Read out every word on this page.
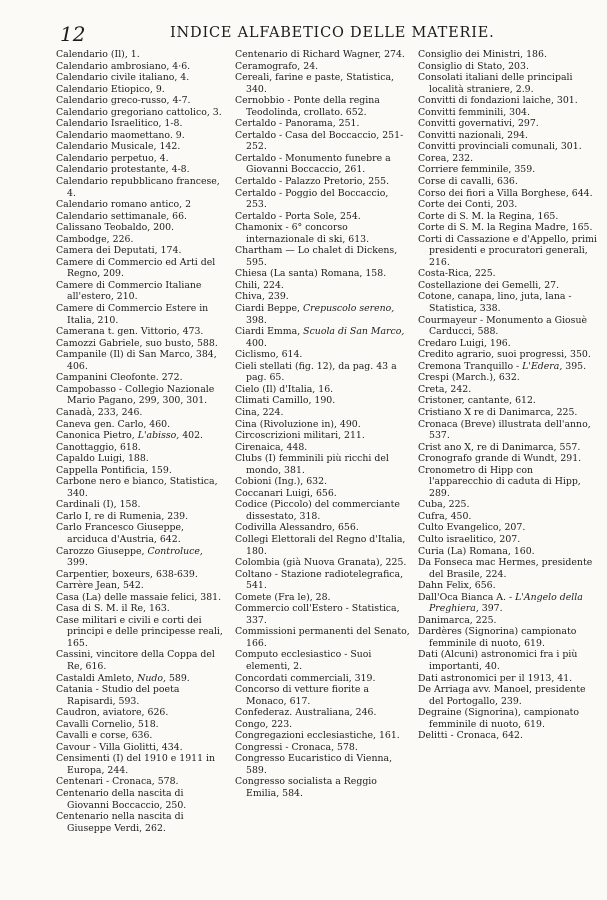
12	INDICE ALFABETICO DELLE MATERIE.
Calendario (Il), 1.
Calendario ambrosiano, 4·6.
Calendario civile italiano, 4.
Calendario Etiopico, 9.
Calendario greco-russo, 4-7.
Calendario gregoriano cattolico, 3.
Calendario Israelitico, 1-8.
Calendario maomettano. 9.
Calendario Musicale, 142.
Calendario perpetuo, 4.
Calendario protestante, 4-8.
Calendario repubblicano francese, 4.
Calendario romano antico, 2
Calendario settimanale, 66.
Calissano Teobaldo, 200.
Cambodge, 226.
Camera dei Deputati, 174.
Camere di Commercio ed Arti del Regno, 209.
Camere di Commercio Italiane all'estero, 210.
Camere di Commercio Estere in Italia, 210.
Camerana t. gen. Vittorio, 473.
Camozzi Gabriele, suo busto, 588.
Campanile (Il) di San Marco, 384, 406.
Campanini Cleofonte. 272.
Campobasso - Collegio Nazionale Mario Pagano, 299, 300, 301.
Canadà, 233, 246.
Caneva gen. Carlo, 460.
Canonica Pietro, L'abisso, 402.
Canottaggio, 618.
Capaldo Luigi, 188.
Cappella Pontificia, 159.
Carbone nero e bianco, Statistica, 340.
Cardinali (I), 158.
Carlo I, re di Rumenia, 239.
Carlo Francesco Giuseppe, arciduca d'Austria, 642.
Carozzo Giuseppe, Controluce, 399.
Carpentier, boxeurs, 638-639.
Carrère Jean, 542.
Casa (La) delle massaie felici, 381.
Casa di S. M. il Re, 163.
Case militari e civili e corti dei principi e delle principesse reali, 165.
Cassini, vincitore della Coppa del Re, 616.
Castaldi Amleto, Nudo, 589.
Catania - Studio del poeta Rapisardi, 593.
Caudron, aviatore, 626.
Cavalli Cornelio, 518.
Cavalli e corse, 636.
Cavour - Villa Giolitti, 434.
Censimenti (I) del 1910 e 1911 in Europa, 244.
Centenari - Cronaca, 578.
Centenario della nascita di Giovanni Boccaccio, 250.
Centenario nella nascita di Giuseppe Verdi, 262.
Centenario di Richard Wagner, 274.
Ceramografo, 24.
Cereali, farine e paste, Statistica, 340.
Cernobbio - Ponte della regina Teodolinda, crollato. 652.
Certaldo - Panorama, 251.
Certaldo - Casa del Boccaccio, 251-252.
Certaldo - Monumento funebre a Giovanni Boccaccio, 261.
Certaldo - Palazzo Pretorio, 255.
Certaldo - Poggio del Boccaccio, 253.
Certaldo - Porta Sole, 254.
Chamonix - 6° concorso internazionale di ski, 613.
Chartham — Lo chalet di Dickens, 595.
Chiesa (La santa) Romana, 158.
Chili, 224.
Chiva, 239.
Ciardi Beppe, Crepuscolo sereno, 398.
Ciardi Emma, Scuola di San Marco, 400.
Ciclismo, 614.
Cieli stellati (fig. 12), da pag. 43 a pag. 65.
Cielo (Il) d'Italia, 16.
Climati Camillo, 190.
Cina, 224.
Cina (Rivoluzione in), 490.
Circoscrizioni militari, 211.
Cirenaica, 448.
Clubs (I) femminili più ricchi del mondo, 381.
Cobioni (Ing.), 632.
Coccanari Luigi, 656.
Codice (Piccolo) del commerciante dissestato, 318.
Codivilla Alessandro, 656.
Collegi Elettorali del Regno d'Italia, 180.
Colombia (già Nuova Granata), 225.
Coltano - Stazione radiotelegrafica, 541.
Comete (Fra le), 28.
Commercio coll'Estero - Statistica, 337.
Commissioni permanenti del Senato, 166.
Computo ecclesiastico - Suoi elementi, 2.
Concordati commerciali, 319.
Concorso di vetture fiorite a Monaco, 617.
Confederaz. Australiana, 246.
Congo, 223.
Congregazioni ecclesiastiche, 161.
Congressi - Cronaca, 578.
Congresso Eucaristico di Vienna, 589.
Congresso socialista a Reggio Emilia, 584.
Consiglio dei Ministri, 186.
Consiglio di Stato, 203.
Consolati italiani delle principali località straniere, 2.9.
Convitti di fondazioni laiche, 301.
Convitti femminili, 304.
Convitti governativi, 297.
Convitti nazionali, 294.
Convitti provinciali comunali, 301.
Corea, 232.
Corriere femminile, 359.
Corse di cavalli, 636.
Corso dei fiori a Villa Borghese, 644.
Corte dei Conti, 203.
Corte di S. M. la Regina, 165.
Corte di S. M. la Regina Madre, 165.
Corti di Cassazione e d'Appello, primi presidenti e procuratori generali, 216.
Costa-Rica, 225.
Costellazione dei Gemelli, 27.
Cotone, canapa, lino, juta, lana - Statistica, 338.
Courmayeur - Monumento a Giosuè Carducci, 588.
Credaro Luigi, 196.
Credito agrario, suoi progressi, 350.
Cremona Tranquillo - L'Edera, 395.
Crespi (March.), 632.
Creta, 242.
Cristoner, cantante, 612.
Cristiano X re di Danimarca, 225.
Cronaca (Breve) illustrata dell'anno, 537.
Crist ano X, re di Danimarca, 557.
Cronografo grande di Wundt, 291.
Cronometro di Hipp con l'apparecchio di caduta di Hipp, 289.
Cuba, 225.
Cufra, 450.
Culto Evangelico, 207.
Culto israelitico, 207.
Curia (La) Romana, 160.
Da Fonseca mac Hermes, presidente del Brasile, 224.
Dahn Felix, 656.
Dall'Oca Bianca A. - L'Angelo della Preghiera, 397.
Danimarca, 225.
Dardères (Signorina) campionato femminile di nuoto, 619.
Dati (Alcuni) astronomici fra i più importanti, 40.
Dati astronomici per il 1913, 41.
De Arriaga avv. Manoel, presidente del Portogallo, 239.
Degraine (Signorina), campionato femminile di nuoto, 619.
Delitti - Cronaca, 642.
